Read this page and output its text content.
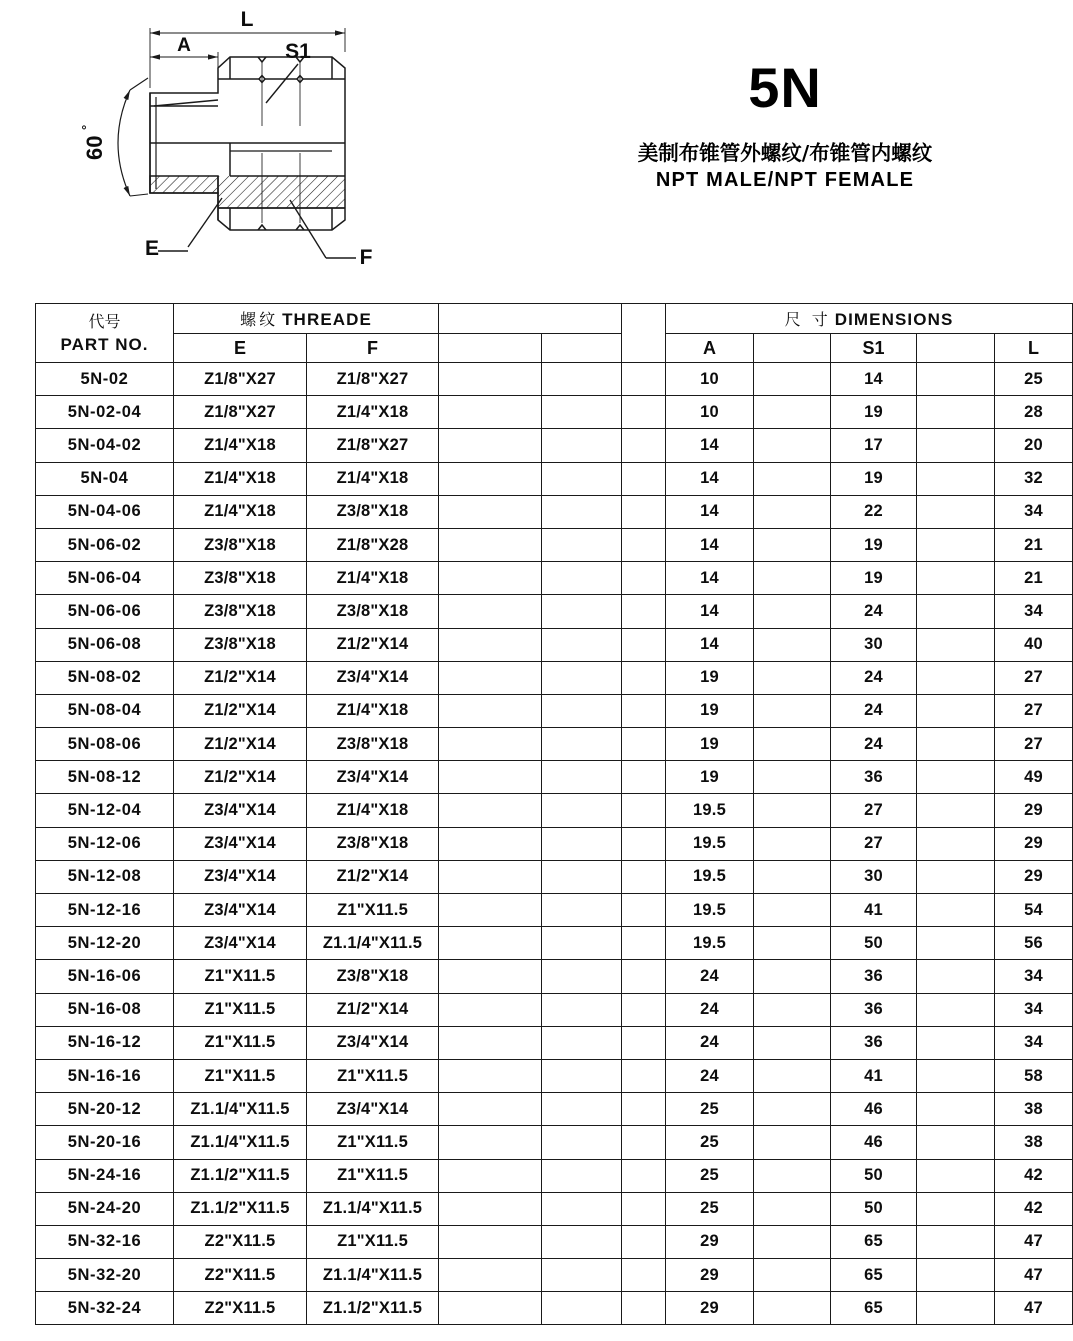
L
A	S1
E	F
60
°
5N
美制布锥管外螺纹/布锥管内螺纹
NPT MALE/NPT FEMALE
代号
PART NO.	螺纹 THREADE					尺 寸 DIMENSIONS				
	E	F				A		S1		L
5N-02	Z1/8"X27	Z1/8"X27				10		14		25
5N-02-04	Z1/8"X27	Z1/4"X18				10		19		28
5N-04-02	Z1/4"X18	Z1/8"X27				14		17		20
5N-04	Z1/4"X18	Z1/4"X18				14		19		32
5N-04-06	Z1/4"X18	Z3/8"X18				14		22		34
5N-06-02	Z3/8"X18	Z1/8"X28				14		19		21
5N-06-04	Z3/8"X18	Z1/4"X18				14		19		21
5N-06-06	Z3/8"X18	Z3/8"X18				14		24		34
5N-06-08	Z3/8"X18	Z1/2"X14				14		30		40
5N-08-02	Z1/2"X14	Z3/4"X14				19		24		27
5N-08-04	Z1/2"X14	Z1/4"X18				19		24		27
5N-08-06	Z1/2"X14	Z3/8"X18				19		24		27
5N-08-12	Z1/2"X14	Z3/4"X14				19		36		49
5N-12-04	Z3/4"X14	Z1/4"X18				19.5		27		29
5N-12-06	Z3/4"X14	Z3/8"X18				19.5		27		29
5N-12-08	Z3/4"X14	Z1/2"X14				19.5		30		29
5N-12-16	Z3/4"X14	Z1"X11.5				19.5		41		54
5N-12-20	Z3/4"X14	Z1.1/4"X11.5				19.5		50		56
5N-16-06	Z1"X11.5	Z3/8"X18				24		36		34
5N-16-08	Z1"X11.5	Z1/2"X14				24		36		34
5N-16-12	Z1"X11.5	Z3/4"X14				24		36		34
5N-16-16	Z1"X11.5	Z1"X11.5				24		41		58
5N-20-12	Z1.1/4"X11.5	Z3/4"X14				25		46		38
5N-20-16	Z1.1/4"X11.5	Z1"X11.5				25		46		38
5N-24-16	Z1.1/2"X11.5	Z1"X11.5				25		50		42
5N-24-20	Z1.1/2"X11.5	Z1.1/4"X11.5				25		50		42
5N-32-16	Z2"X11.5	Z1"X11.5				29		65		47
5N-32-20	Z2"X11.5	Z1.1/4"X11.5				29		65		47
5N-32-24	Z2"X11.5	Z1.1/2"X11.5				29		65		47
